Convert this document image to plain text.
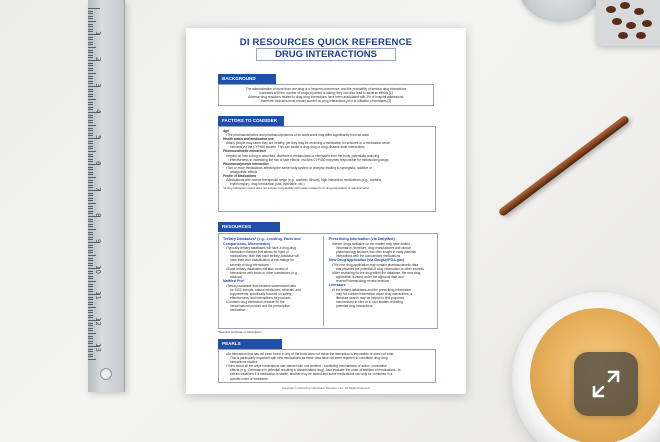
1
2
3
4
5
6
7
8
9
10
11
12
13
DI RESOURCES QUICK REFERENCE
DRUG INTERACTIONS
BACKGROUND
The administration of more than one drug is a frequent occurrence, and the probability of serious drug interactions
increases with the number of drugs a patient is taking; they can also lead to adverse effects [1]
Adverse drug reactions related to drug-drug interactions have been associated with 3% of hospital admissions;
therefore clinicians must remain current on drug interactions prior to initiation of therapies [2]
FACTORS TO CONSIDER
Age
• The pharmacokinetics and pharmacodynamics of an adolescent may differ significantly from an adult
Health status and medication use
• Many people may seem they are healthy, yet they may be receiving a medication for seizures or a medication which
interacts via the CYP450 system. This can cause a drug-drug or drug-disease state interactions
Pharmacokinetic Interaction
• Impact on how a drug is absorbed, distributed, metabolized or eliminated from the body, potentially reducing
effectiveness or increasing the risk of side effects; involves CYP450 enzymes responsible for metabolizing drugs
Pharmacodynamic Interaction
• Two or more medications affecting the same body system or receptor leading to synergistic, additive or
antagonistic effects
Profile of Medications
• Medications with narrow therapeutic range (e.g., warfarin, lithium), high interaction medications (e.g., warfarin,
erythromycin), drug formulation (oral, injectable, etc.)
*A drug interaction report does not include compatibility information related to IV drug preparation or administration
RESOURCES
Tertiary Databases* (e.g., Lexidrug, Facts and
Comparisons, Micromedex)
• Typically tertiary databases will have a drug-drug
interaction checker that allows for input of
medications; note that each tertiary database will
have their own classification of risk ratings for
severity of drug interactions
• Some tertiary databases will also consist of
interactions with foods or other substances (e.g.,
tobacco)
NatMed Pro*
• Tertiary database that contains summarized data
for 1000 formats, natural medicines, minerals, and
supplements, specifically focused on safety,
effectiveness, and interactions for products
• Contains drug interaction checker for the
herbal/natural product and the prescription
medication
Prescribing Information (via DailyMed)
• Newer drugs available on the market may have limited
information; therefore, drug manufacturer and clinical
pharmacology sections can offer insight in early potential
interactions with the concomitant medications
New Drug Application (via Drugs@FDA.gov)
• The new drug application may contain pharmacokinetic data
that provides the potential of drug information or other sources
• After searching for the drug within the database, the new drug
application is listed under the approval date and
review/Pharmacology review sections
Literature
• If the tertiary databases and the prescribing information
may not contain information about drug interactions, a
literature search may be helpful to find proposed
mechanisms in vitro or in vivo studies revealing
potential drug interactions
*Requires purchase or subscription
PEARLS
• An interaction that has not been found in any of the tools does not mean the interaction is impossible or does not exist.
This is particularly important with new medications as these data have not been reported to constitute drug-drug
interactions studies.
• Think about all the ways medications can interact with one another - conflicting mechanisms of action, cumulative
effects (e.g., Deferasirox's potential resulting in disseminated drug). Also evaluate the order of addition of medications - is
certain situations if a medication is stable, another may be added and some medications can only be combined in a
specific order or timeframe.
Copyright © 2024 Drug Information Services, LLC. All Rights Reserved.
